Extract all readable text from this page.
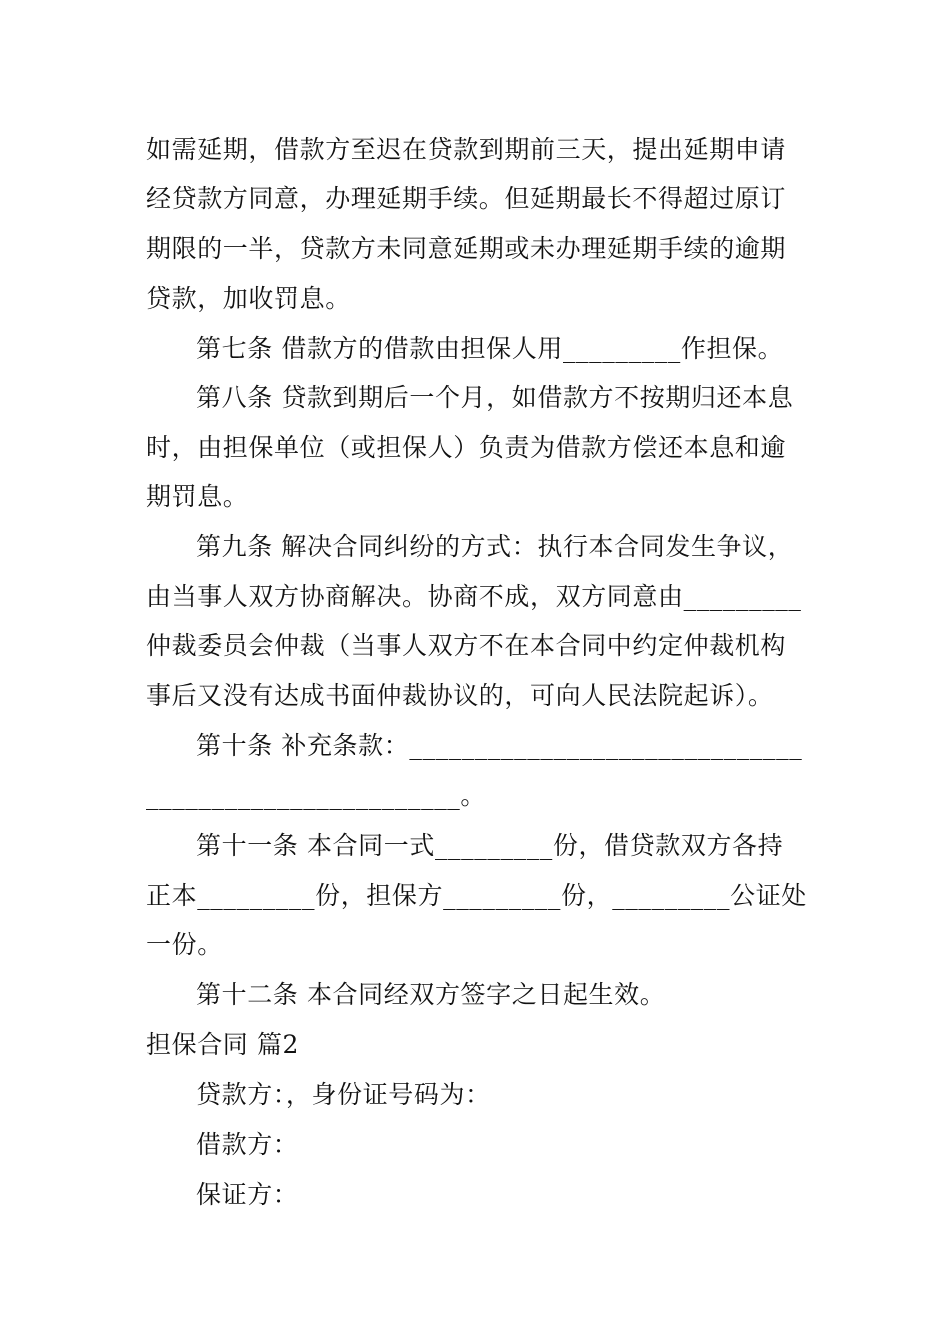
如需延期，借款方至迟在贷款到期前三天，提出延期申请
经贷款方同意，办理延期手续。但延期最长不得超过原订
期限的一半，贷款方未同意延期或未办理延期手续的逾期
贷款，加收罚息。
第七条 借款方的借款由担保人用_________作担保。
第八条 贷款到期后一个月，如借款方不按期归还本息
时，由担保单位（或担保人）负责为借款方偿还本息和逾
期罚息。
第九条 解决合同纠纷的方式：执行本合同发生争议，
由当事人双方协商解决。协商不成，双方同意由_________
仲裁委员会仲裁（当事人双方不在本合同中约定仲裁机构
事后又没有达成书面仲裁协议的，可向人民法院起诉）。
第十条 补充条款：______________________________
________________________。
第十一条 本合同一式_________份，借贷款双方各持
正本_________份，担保方_________份，_________公证处
一份。
第十二条 本合同经双方签字之日起生效。
担保合同 篇2
贷款方：，身份证号码为：
借款方：
保证方：
